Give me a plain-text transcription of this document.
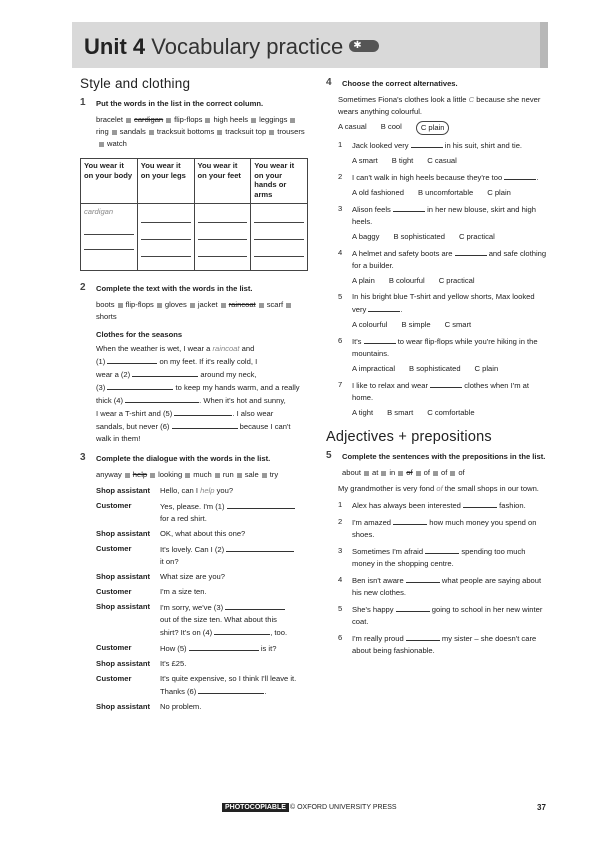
Unit 4 Vocabulary practice ✱
Style and clothing
1 Put the words in the list in the correct column.
bracelet cardigan flip-flops high heels leggingsring sandals tracksuit bottoms tracksuit top trouserswatch
You wear it on your body	You wear it on your legs	You wear it on your feet	You wear it on your hands or arms
cardigan

2 Complete the text with the words in the list.
boots flip-flops gloves jacket raincoat scarfshorts
Clothes for the seasons
When the weather is wet, I wear a raincoat and
(1)	on my feet. If it's really cold, I
wear a (2)	around my neck,
(3)	to keep my hands warm, and a really
thick (4)	. When it's hot and sunny,
I wear a T-shirt and (5)	. I also wear
sandals, but never (6)	because I can't
walk in them!
3 Complete the dialogue with the words in the list.
anyway help looking much run sale try
Shop assistant	Hello, can I help you?
Customer	Yes, please. I'm (1)
for a red shirt.
Shop assistant	OK, what about this one?
Customer	It's lovely. Can I (2)
it on?
Shop assistant	What size are you?
Customer	I'm a size ten.
Shop assistant	I'm sorry, we've (3)
out of the size ten. What about this
shirt? It's on (4)	, too.
Customer	How (5)	is it?
Shop assistant	It's £25.
Customer	It's quite expensive, so I think I'll leave it.
Thanks (6)	.
Shop assistant	No problem.
4 Choose the correct alternatives.
Sometimes Fiona's clothes look a little C because she never wears anything colourful.
A casual B cool	C plain
1 Jack looked very	in his suit, shirt and tie.
A smart B tight C casual
2 I can't walk in high heels because they're too	.
A old fashioned B uncomfortable C plain
3 Alison feels	in her new blouse, skirt and high heels.
A baggy B sophisticated C practical
4 A helmet and safety boots are	and safe clothing for a builder.
A plain B colourful C practical
5 In his bright blue T-shirt and yellow shorts, Max looked very	.
A colourful B simple C smart
6 It's	to wear flip-flops while you're hiking in the mountains.
A impractical B sophisticated C plain
7 I like to relax and wear	clothes when I'm at home.
A tight B smart C comfortable
Adjectives + prepositions
5 Complete the sentences with the prepositions in the list.
about at in of of of of
My grandmother is very fond of the small shops in our town.
1 Alex has always been interested	fashion.
2 I'm amazed	how much money you spend on shoes.
3 Sometimes I'm afraid	spending too much money in the shopping centre.
4 Ben isn't aware	what people are saying about his new clothes.
5 She's happy	going to school in her new winter coat.
6 I'm really proud	my sister – she doesn't care about being fashionable.
PHOTOCOPIABLE © OXFORD UNIVERSITY PRESS	37
